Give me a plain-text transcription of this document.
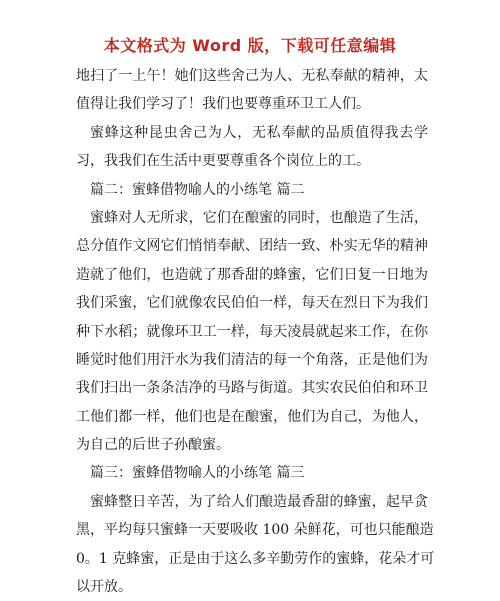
本文格式为 Word 版，下载可任意编辑
地扫了一上午！她们这些舍己为人、无私奉献的精神，太
值得让我们学习了！我们也要尊重环卫工人们。
蜜蜂这种昆虫舍己为人，无私奉献的品质值得我去学
习，我我们在生活中更要尊重各个岗位上的工。
篇二：蜜蜂借物喻人的小练笔 篇二
蜜蜂对人无所求，它们在酿蜜的同时，也酿造了生活，
总分值作文网它们悄悄奉献、团结一致、朴实无华的精神
造就了他们，也造就了那香甜的蜂蜜，它们日复一日地为
我们采蜜，它们就像农民伯伯一样，每天在烈日下为我们
种下水稻；就像环卫工一样，每天凌晨就起来工作，在你
睡觉时他们用汗水为我们清洁的每一个角落，正是他们为
我们扫出一条条洁净的马路与街道。其实农民伯伯和环卫
工他们都一样，他们也是在酿蜜，他们为自己，为他人，
为自己的后世子孙酿蜜。
篇三：蜜蜂借物喻人的小练笔 篇三
蜜蜂整日辛苦，为了给人们酿造最香甜的蜂蜜，起早贪
黑，平均每只蜜蜂一天要吸收 100 朵鲜花，可也只能酿造
0。1 克蜂蜜，正是由于这么多辛勤劳作的蜜蜂，花朵才可
以开放。
